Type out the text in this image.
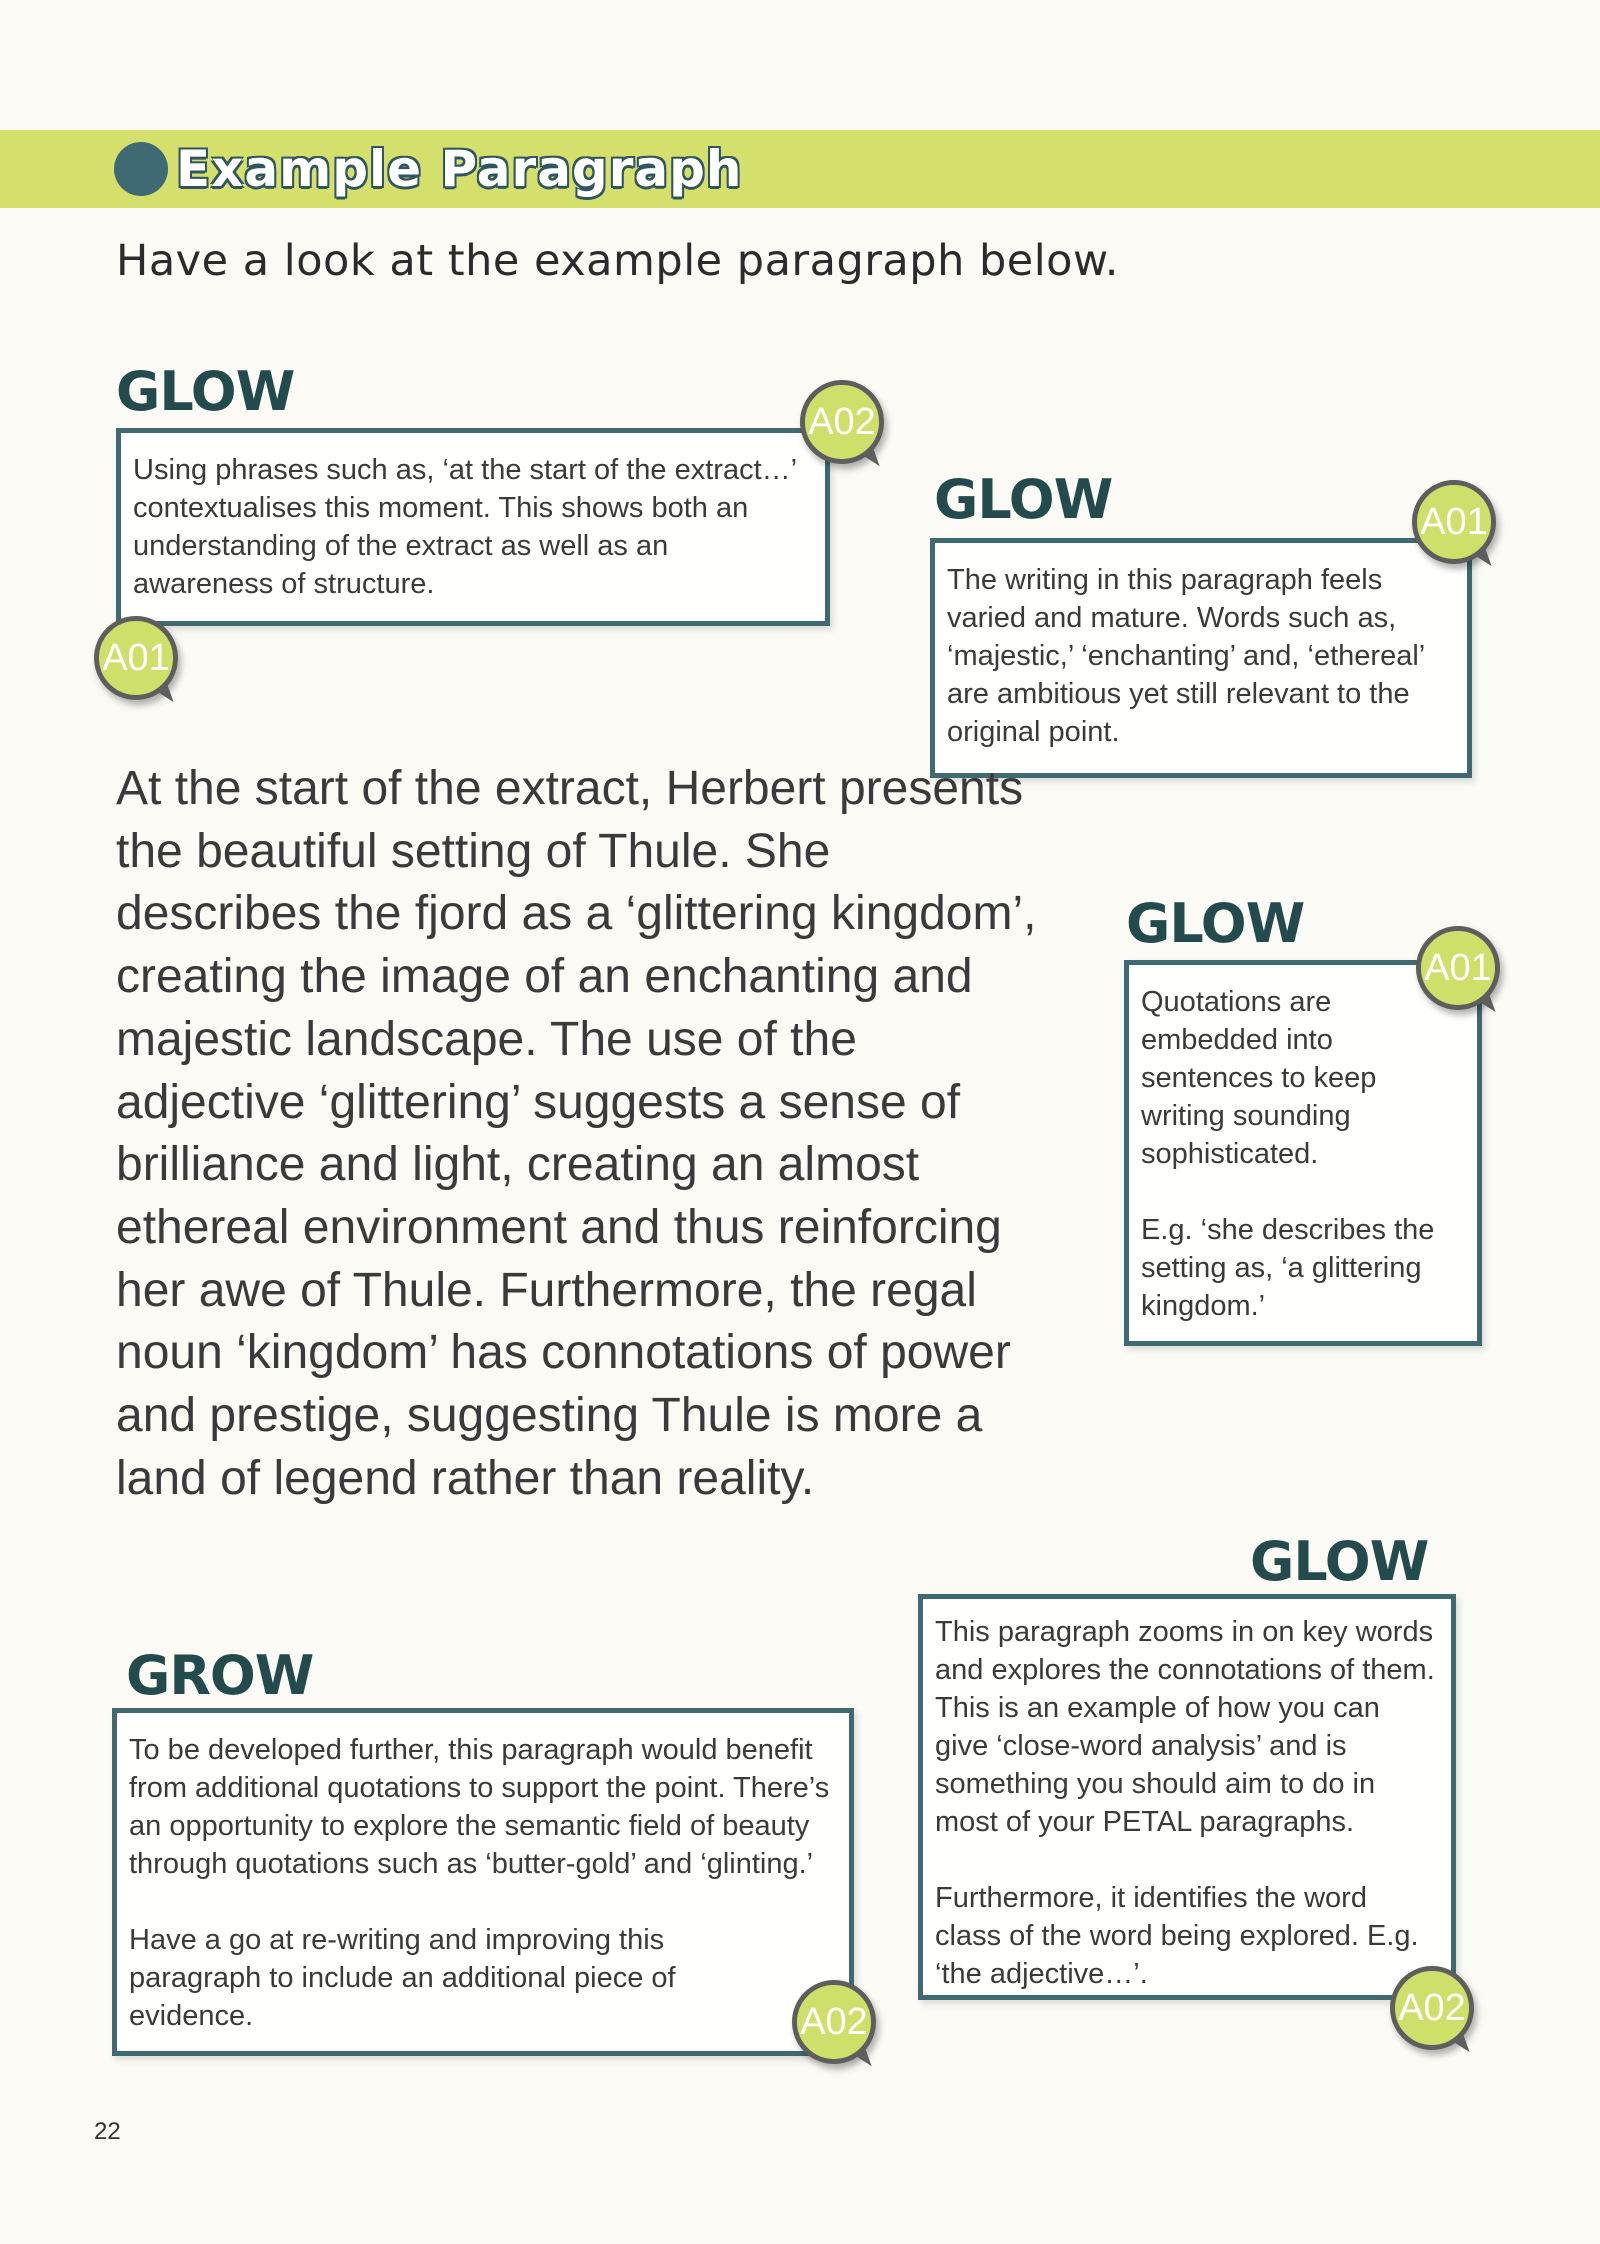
Example Paragraph
Have a look at the example paragraph below.
GLOW

Using phrases such as, ‘at the start of the extract…’ contextualises this moment. This shows both an understanding of the extract as well as an awareness of structure.

A02
A01
GLOW

The writing in this paragraph feels varied and mature. Words such as, ‘majestic,’ ‘enchanting’ and, ‘ethereal’ are ambitious yet still relevant to the original point.

A01
At the start of the extract, Herbert presents the beautiful setting of Thule. She describes the fjord as a ‘glittering kingdom’, creating the image of an enchanting and majestic landscape. The use of the adjective ‘glittering’ suggests a sense of brilliance and light, creating an almost ethereal environment and thus reinforcing her awe of Thule. Furthermore, the regal noun ‘kingdom’ has connotations of power and prestige, suggesting Thule is more a land of legend rather than reality.
GLOW

Quotations are embedded into sentences to keep writing sounding sophisticated.

E.g. ‘she describes the setting as, ‘a glittering kingdom.’

A01
GLOW

This paragraph zooms in on key words and explores the connotations of them. This is an example of how you can give ‘close-word analysis’ and is something you should aim to do in most of your PETAL paragraphs.

Furthermore, it identifies the word class of the word being explored. E.g. ‘the adjective…’.

A02
GROW

To be developed further, this paragraph would benefit from additional quotations to support the point. There’s an opportunity to explore the semantic field of beauty through quotations such as ‘butter-gold’ and ‘glinting.’

Have a go at re-writing and improving this paragraph to include an additional piece of evidence.	A02
22
